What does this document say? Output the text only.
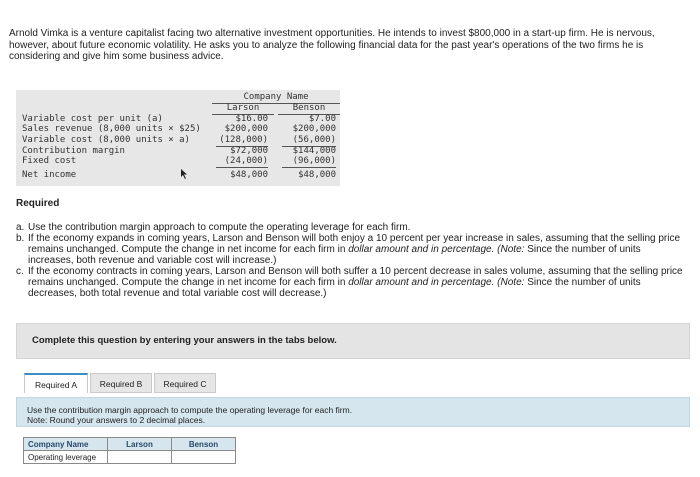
Arnold Vimka is a venture capitalist facing two alternative investment opportunities. He intends to invest $800,000 in a start-up firm. He is nervous, however, about future economic volatility. He asks you to analyze the following financial data for the past year's operations of the two firms he is considering and give him some business advice.
Company Name
Larson	Benson
Variable cost per unit (a)	$16.00	$7.00
Sales revenue (8,000 units × $25)	$200,000	$200,000
Variable cost (8,000 units × a)	(128,000)	(56,000)
Contribution margin	$72,000	$144,000
Fixed cost	(24,000)	(96,000)
Net income	$48,000	$48,000
Required
a. Use the contribution margin approach to compute the operating leverage for each firm.
b. If the economy expands in coming years, Larson and Benson will both enjoy a 10 percent per year increase in sales, assuming that the selling price remains unchanged. Compute the change in net income for each firm in dollar amount and in percentage. (Note: Since the number of units increases, both revenue and variable cost will increase.)
c. If the economy contracts in coming years, Larson and Benson will both suffer a 10 percent decrease in sales volume, assuming that the selling price remains unchanged. Compute the change in net income for each firm in dollar amount and in percentage. (Note: Since the number of units decreases, both total revenue and total variable cost will decrease.)
Complete this question by entering your answers in the tabs below.
Required A	Required B	Required C
Use the contribution margin approach to compute the operating leverage for each firm.
Note: Round your answers to 2 decimal places.
Company Name	Larson	Benson
Operating leverage		
